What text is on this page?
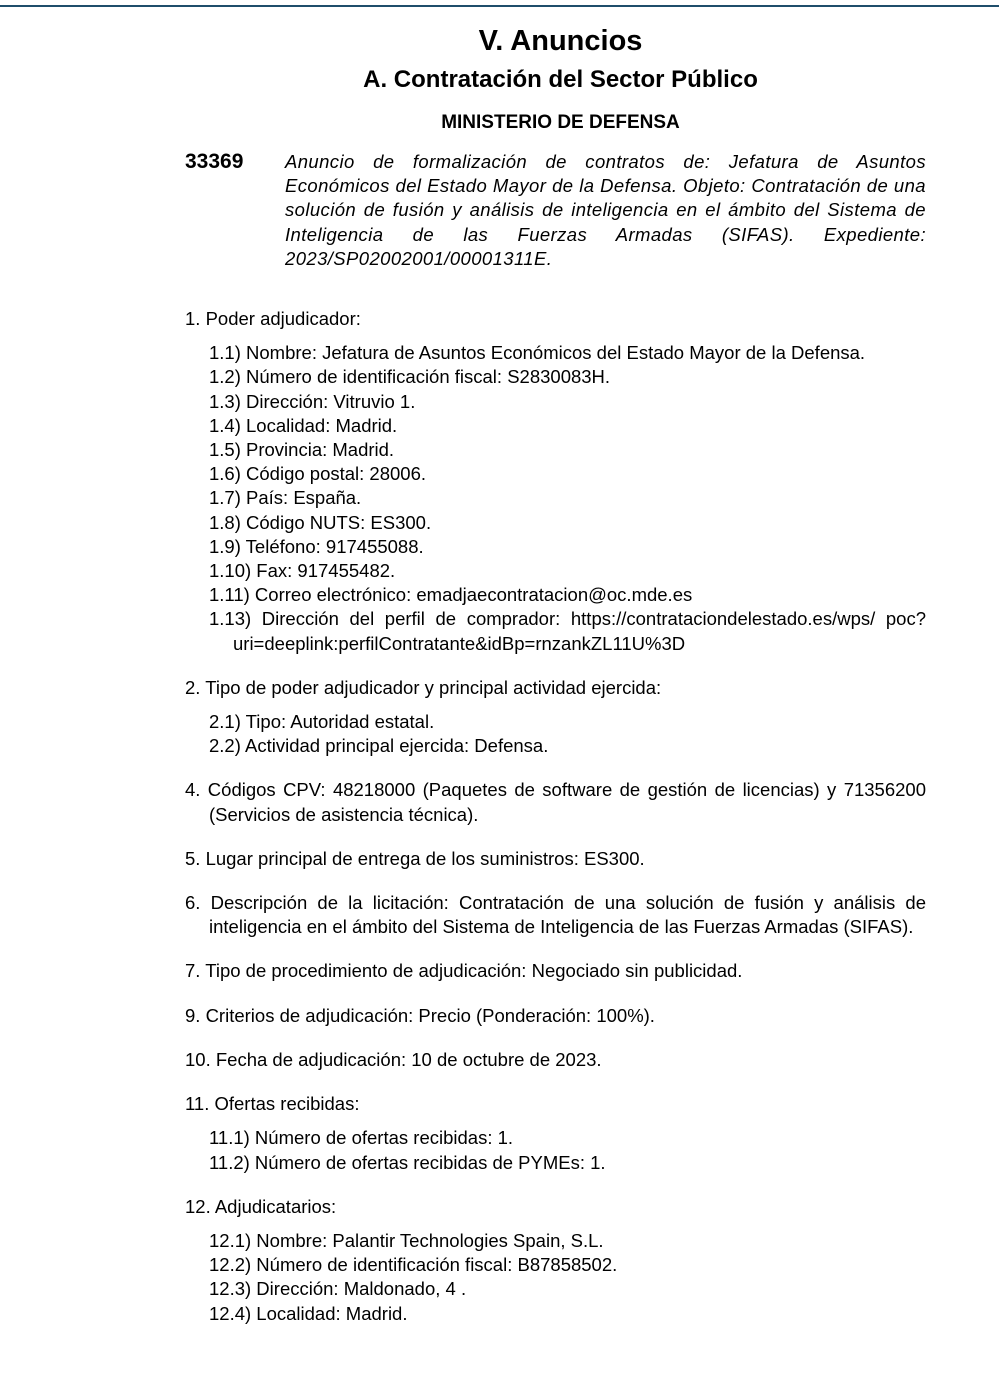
V. Anuncios
A. Contratación del Sector Público
MINISTERIO DE DEFENSA
33369	Anuncio de formalización de contratos de: Jefatura de Asuntos Económicos del Estado Mayor de la Defensa. Objeto: Contratación de una solución de fusión y análisis de inteligencia en el ámbito del Sistema de Inteligencia de las Fuerzas Armadas (SIFAS). Expediente: 2023/SP02002001/00001311E.
1. Poder adjudicador:
1.1) Nombre: Jefatura de Asuntos Económicos del Estado Mayor de la Defensa.
1.2) Número de identificación fiscal: S2830083H.
1.3) Dirección: Vitruvio 1.
1.4) Localidad: Madrid.
1.5) Provincia: Madrid.
1.6) Código postal: 28006.
1.7) País: España.
1.8) Código NUTS: ES300.
1.9) Teléfono: 917455088.
1.10) Fax: 917455482.
1.11) Correo electrónico: emadjaecontratacion@oc.mde.es
1.13) Dirección del perfil de comprador: https://contrataciondelestado.es/wps/ poc?uri=deeplink:perfilContratante&idBp=rnzankZL11U%3D
2. Tipo de poder adjudicador y principal actividad ejercida:
2.1) Tipo: Autoridad estatal.
2.2) Actividad principal ejercida: Defensa.
4. Códigos CPV: 48218000 (Paquetes de software de gestión de licencias) y 71356200 (Servicios de asistencia técnica).
5. Lugar principal de entrega de los suministros: ES300.
6. Descripción de la licitación: Contratación de una solución de fusión y análisis de inteligencia en el ámbito del Sistema de Inteligencia de las Fuerzas Armadas (SIFAS).
7. Tipo de procedimiento de adjudicación: Negociado sin publicidad.
9. Criterios de adjudicación: Precio (Ponderación: 100%).
10. Fecha de adjudicación: 10 de octubre de 2023.
11. Ofertas recibidas:
11.1) Número de ofertas recibidas: 1.
11.2) Número de ofertas recibidas de PYMEs: 1.
12. Adjudicatarios:
12.1) Nombre: Palantir Technologies Spain, S.L.
12.2) Número de identificación fiscal: B87858502.
12.3) Dirección: Maldonado, 4 .
12.4) Localidad: Madrid.
